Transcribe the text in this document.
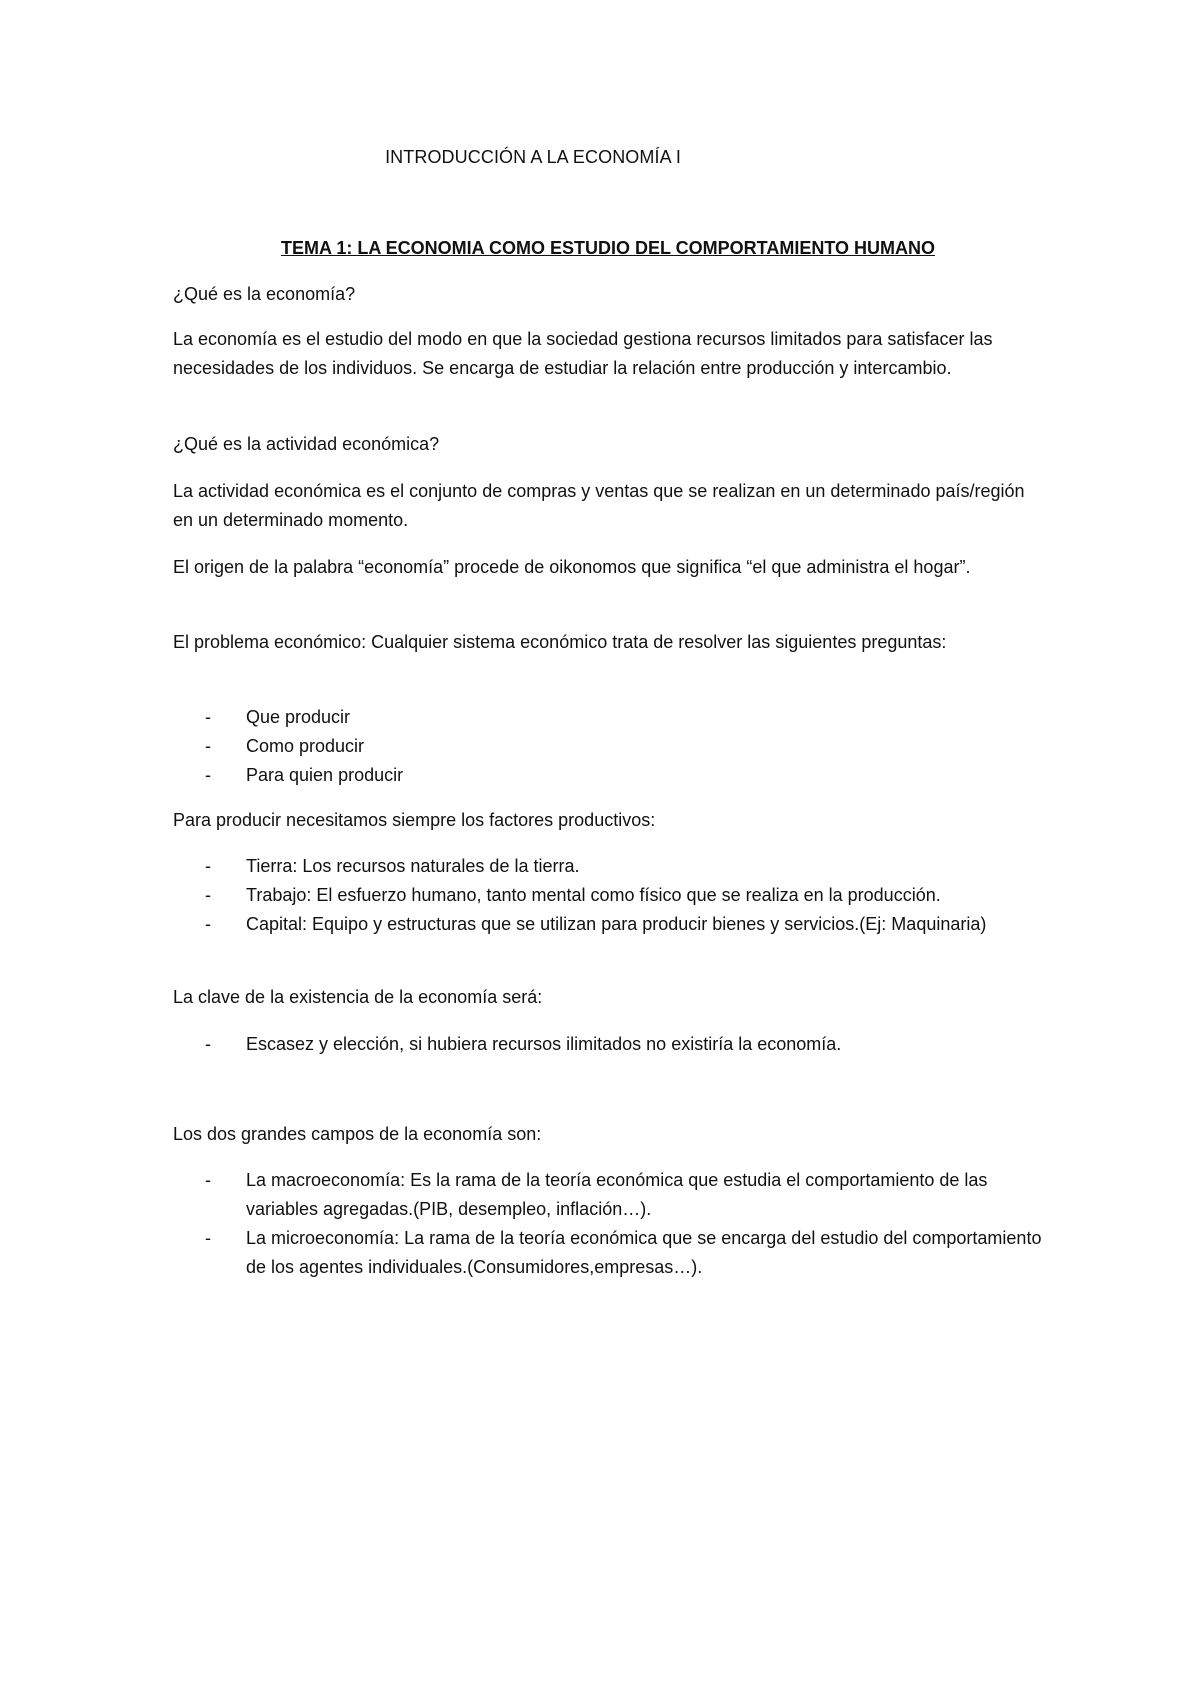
INTRODUCCIÓN A LA ECONOMÍA I
TEMA 1: LA ECONOMIA COMO ESTUDIO DEL COMPORTAMIENTO HUMANO

¿Qué es la economía?

La economía es el estudio del modo en que la sociedad gestiona recursos limitados para satisfacer las necesidades de los individuos. Se encarga de estudiar la relación entre producción y intercambio.

¿Qué es la actividad económica?

La actividad económica es el conjunto de compras y ventas que se realizan en un determinado país/región en un determinado momento.

El origen de la palabra “economía” procede de oikonomos que significa “el que administra el hogar”.

El problema económico: Cualquier sistema económico trata de resolver las siguientes preguntas:

- Que producir
- Como producir
- Para quien producir

Para producir necesitamos siempre los factores productivos:

- Tierra: Los recursos naturales de la tierra.
- Trabajo: El esfuerzo humano, tanto mental como físico que se realiza en la producción.
- Capital: Equipo y estructuras que se utilizan para producir bienes y servicios.(Ej: Maquinaria)

La clave de la existencia de la economía será:

- Escasez y elección, si hubiera recursos ilimitados no existiría la economía.

Los dos grandes campos de la economía son:

- La macroeconomía: Es la rama de la teoría económica que estudia el comportamiento de las variables agregadas.(PIB, desempleo, inflación…).
- La microeconomía: La rama de la teoría económica que se encarga del estudio del comportamiento de los agentes individuales.(Consumidores,empresas…).
